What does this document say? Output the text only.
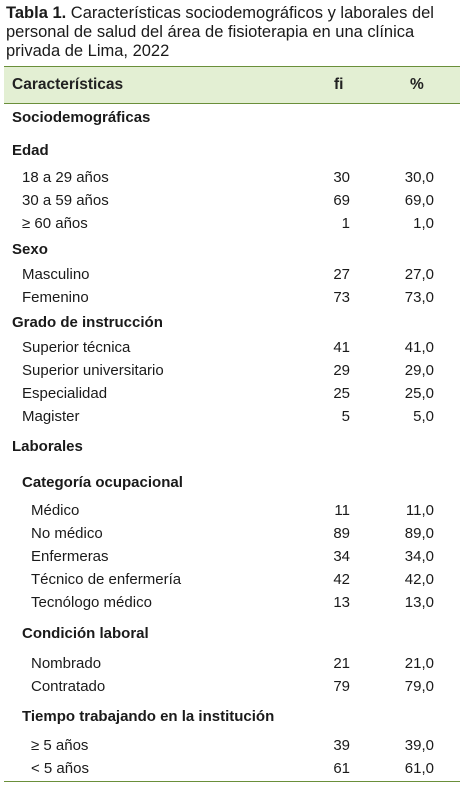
Tabla 1. Características sociodemográficos y laborales del personal de salud del área de fisioterapia en una clínica privada de Lima, 2022
Características	fi	%
Sociodemográficas
Edad
18 a 29 años	30	30,0
30 a 59 años	69	69,0
≥ 60 años	1	1,0
Sexo
Masculino	27	27,0
Femenino	73	73,0
Grado de instrucción
Superior técnica	41	41,0
Superior universitario	29	29,0
Especialidad	25	25,0
Magister	5	5,0
Laborales
Categoría ocupacional
Médico	11	11,0
No médico	89	89,0
Enfermeras	34	34,0
Técnico de enfermería	42	42,0
Tecnólogo médico	13	13,0
Condición laboral
Nombrado	21	21,0
Contratado	79	79,0
Tiempo trabajando en la institución
≥ 5 años	39	39,0
< 5 años	61	61,0
